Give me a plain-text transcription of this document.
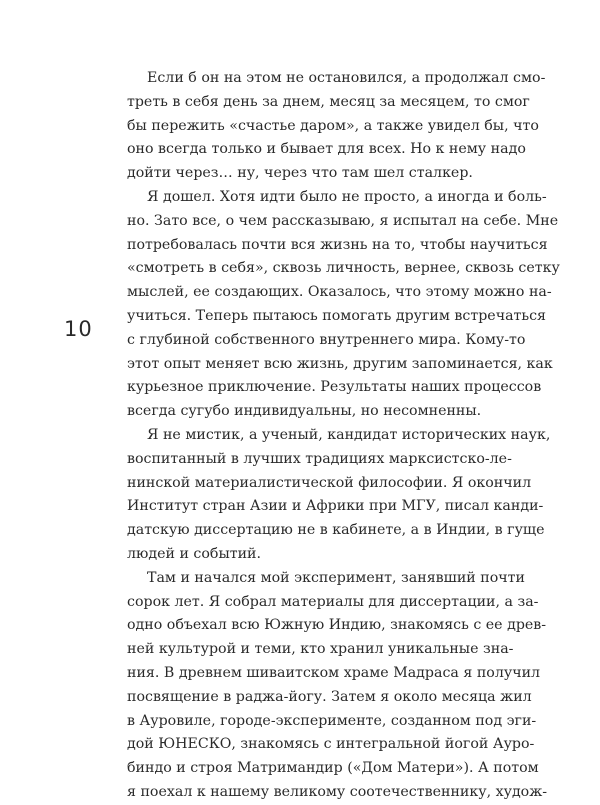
10
Если б он на этом не остановился, а продолжал смо-
треть в себя день за днем, месяц за месяцем, то смог
бы пережить «счастье даром», а также увидел бы, что
оно всегда только и бывает для всех. Но к нему надо
дойти через… ну, через что там шел сталкер.
Я дошел. Хотя идти было не просто, а иногда и боль-
но. Зато все, о чем рассказываю, я испытал на себе. Мне
потребовалась почти вся жизнь на то, чтобы научиться
«смотреть в себя», сквозь личность, вернее, сквозь сетку
мыслей, ее создающих. Оказалось, что этому можно на-
учиться. Теперь пытаюсь помогать другим встречаться
с глубиной собственного внутреннего мира. Кому-то
этот опыт меняет всю жизнь, другим запоминается, как
курьезное приключение. Результаты наших процессов
всегда сугубо индивидуальны, но несомненны.
Я не мистик, а ученый, кандидат исторических наук,
воспитанный в лучших традициях марксистско-ле-
нинской материалистической философии. Я окончил
Институт стран Азии и Африки при МГУ, писал канди-
датскую диссертацию не в кабинете, а в Индии, в гуще
людей и событий.
Там и начался мой эксперимент, занявший почти
сорок лет. Я собрал материалы для диссертации, а за-
одно объехал всю Южную Индию, знакомясь с ее древ-
ней культурой и теми, кто хранил уникальные зна-
ния. В древнем шиваитском храме Мадраса я получил
посвящение в раджа-йогу. Затем я около месяца жил
в Ауровиле, городе-эксперименте, созданном под эги-
дой ЮНЕСКО, знакомясь с интегральной йогой Ауро-
биндо и строя Матримандир («Дом Матери»). А потом
я поехал к нашему великому соотечественнику, худож-
